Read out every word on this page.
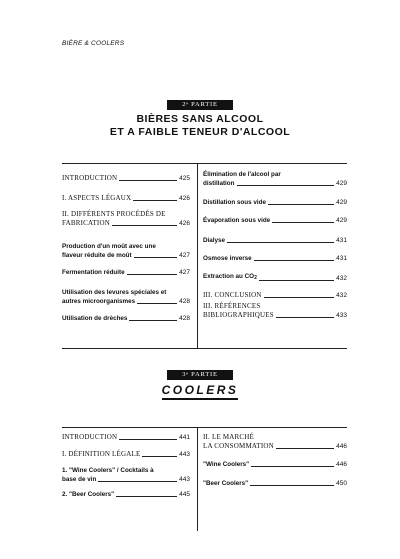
BIÈRE & COOLERS
2ᵉ PARTIE
BIÈRES SANS ALCOOL
ET A FAIBLE TENEUR D'ALCOOL
INTRODUCTION	425
I. ASPECTS LÉGAUX	426
II. DIFFÉRENTS PROCÉDÉS DE
FABRICATION	426
Production d'un moût avec une
flaveur réduite de moût	427
Fermentation réduite	427
Utilisation des levures spéciales et
autres microorganismes	428
Utilisation de drèches	428
Élimination de l'alcool par
distillation	429
Distillation sous vide	429
Évaporation sous vide	429
Dialyse	431
Osmose inverse	431
Extraction au $CO_2$	432
III. CONCLUSION	432
III. RÉFÉRENCES
BIBLIOGRAPHIQUES	433
3ᵉ PARTIE
COOLERS
INTRODUCTION	441
I. DÉFINITION LÉGALE	443
1. "Wine Coolers" / Cocktails à
base de vin	443
2. "Beer Coolers"	445
II. LE MARCHÉ
LA CONSOMMATION	446
"Wine Coolers"	446
"Beer Coolers"	450
